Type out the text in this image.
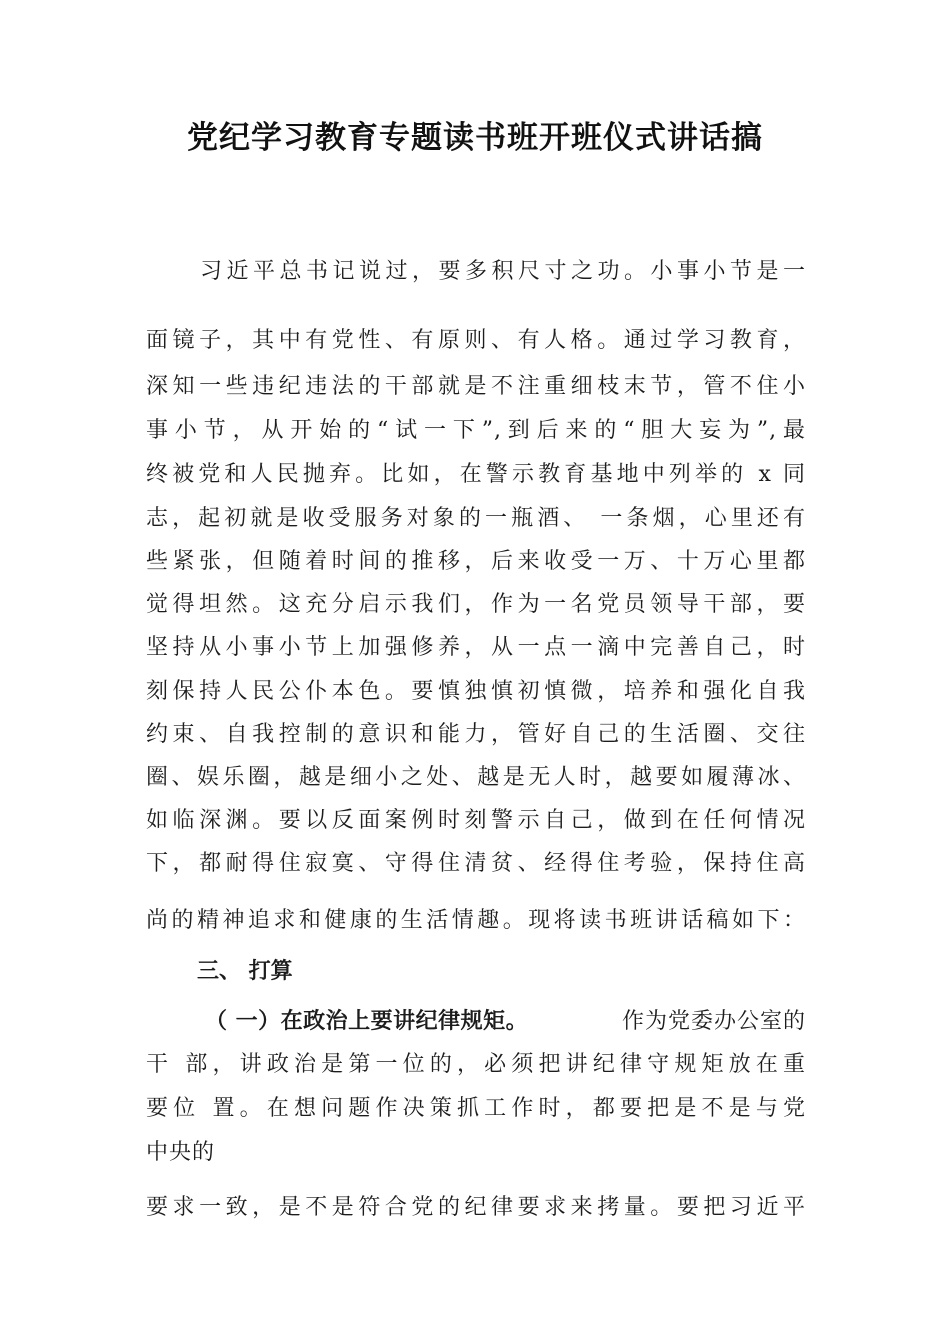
党纪学习教育专题读书班开班仪式讲话搞
习近平总书记说过，要多积尺寸之功。小事小节是一
面镜子，其中有党性、有原则、有人格。通过学习教育，
深知一些违纪违法的干部就是不注重细枝末节，管不住小
事小节，从开始的“试一下”,到后来的“胆大妄为”,最
终被党和人民抛弃。比如，在警示教育基地中列举的 x 同
志，起初就是收受服务对象的一瓶酒、 一条烟，心里还有
些紧张，但随着时间的推移，后来收受一万、十万心里都
觉得坦然。这充分启示我们，作为一名党员领导干部，要
坚持从小事小节上加强修养，从一点一滴中完善自己，时
刻保持人民公仆本色。要慎独慎初慎微，培养和强化自我
约束、自我控制的意识和能力，管好自己的生活圈、交往
圈、娱乐圈，越是细小之处、越是无人时，越要如履薄冰、
如临深渊。要以反面案例时刻警示自己，做到在任何情况
下，都耐得住寂寞、守得住清贫、经得住考验，保持住高
尚的精神追求和健康的生活情趣。现将读书班讲话稿如下：
三、 打算
（ 一）在政治上要讲纪律规矩。	作为党委办公室的
干 部，讲政治是第一位的，必须把讲纪律守规矩放在重
要位 置。在想问题作决策抓工作时，都要把是不是与党
中央的
要求一致，是不是符合党的纪律要求来拷量。要把习近平
